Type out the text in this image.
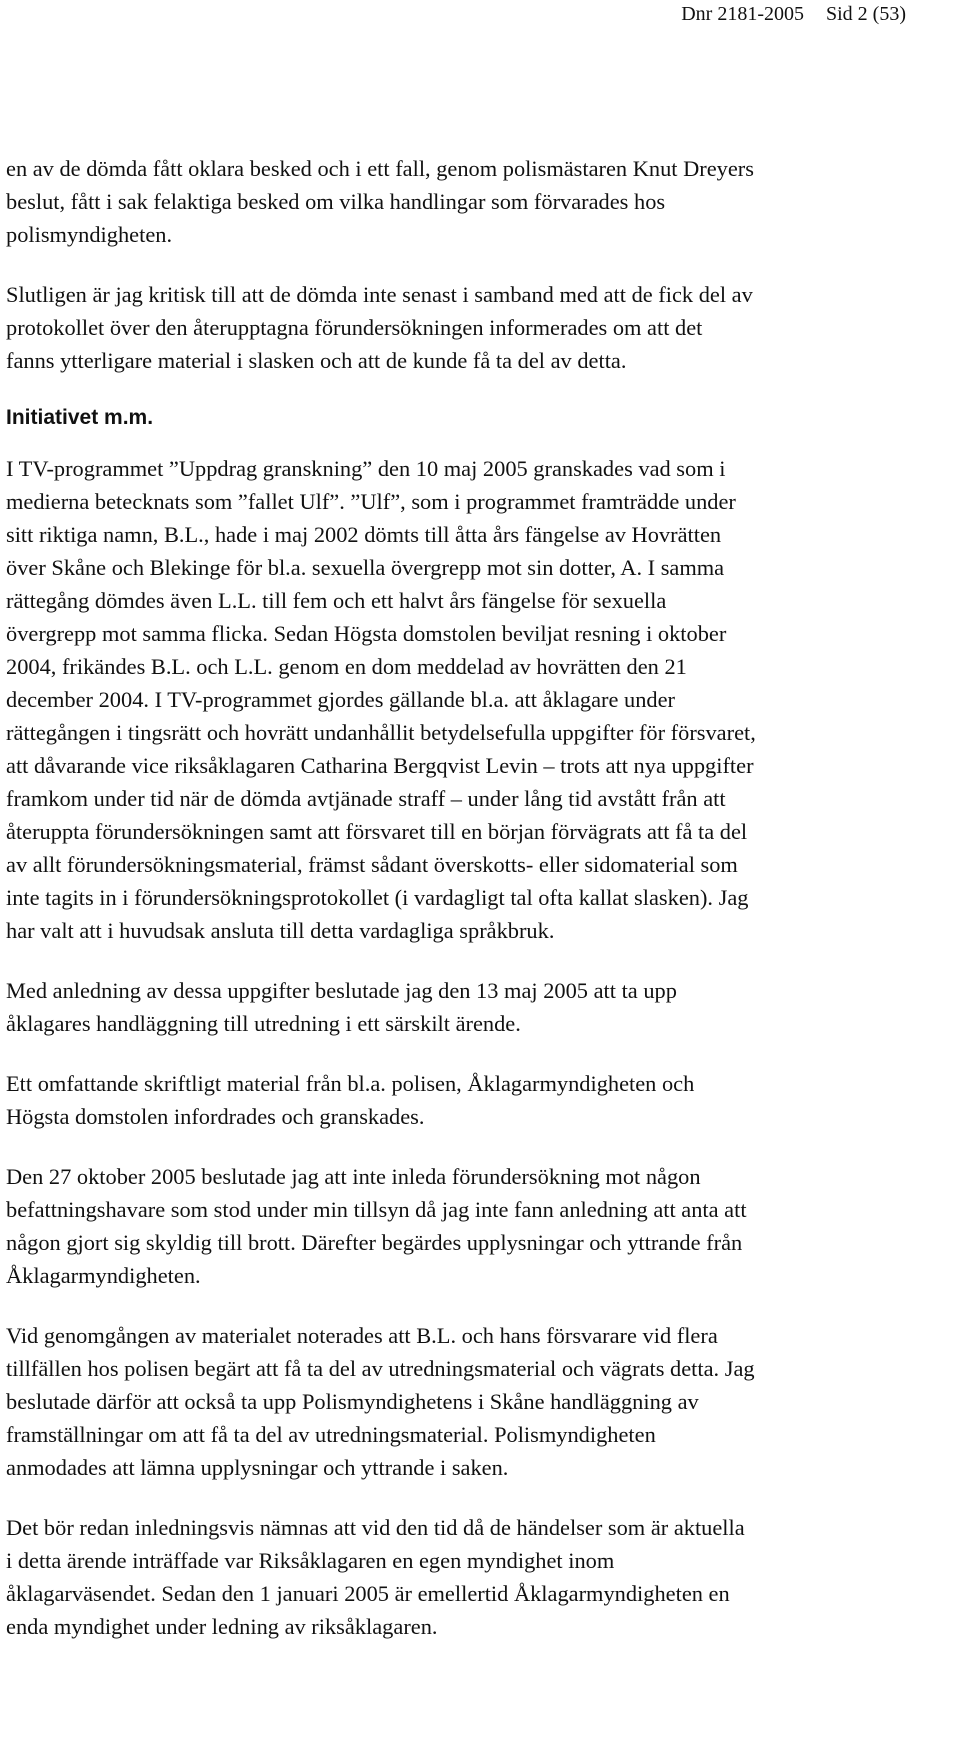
Dnr 2181-2005 Sid 2 (53)

en av de dömda fått oklara besked och i ett fall, genom polismästaren Knut Dreyers
beslut, fått i sak felaktiga besked om vilka handlingar som förvarades hos
polismyndigheten.

Slutligen är jag kritisk till att de dömda inte senast i samband med att de fick del av
protokollet över den återupptagna förundersökningen informerades om att det
fanns ytterligare material i slasken och att de kunde få ta del av detta.

Initiativet m.m.

I TV-programmet ”Uppdrag granskning” den 10 maj 2005 granskades vad som i
medierna betecknats som ”fallet Ulf”. ”Ulf”, som i programmet framträdde under
sitt riktiga namn, B.L., hade i maj 2002 dömts till åtta års fängelse av Hovrätten
över Skåne och Blekinge för bl.a. sexuella övergrepp mot sin dotter, A. I samma
rättegång dömdes även L.L. till fem och ett halvt års fängelse för sexuella
övergrepp mot samma flicka. Sedan Högsta domstolen beviljat resning i oktober
2004, frikändes B.L. och L.L. genom en dom meddelad av hovrätten den 21
december 2004. I TV-programmet gjordes gällande bl.a. att åklagare under
rättegången i tingsrätt och hovrätt undanhållit betydelsefulla uppgifter för försvaret,
att dåvarande vice riksåklagaren Catharina Bergqvist Levin – trots att nya uppgifter
framkom under tid när de dömda avtjänade straff – under lång tid avstått från att
återuppta förundersökningen samt att försvaret till en början förvägrats att få ta del
av allt förundersökningsmaterial, främst sådant överskotts- eller sidomaterial som
inte tagits in i förundersökningsprotokollet (i vardagligt tal ofta kallat slasken). Jag
har valt att i huvudsak ansluta till detta vardagliga språkbruk.

Med anledning av dessa uppgifter beslutade jag den 13 maj 2005 att ta upp
åklagares handläggning till utredning i ett särskilt ärende.

Ett omfattande skriftligt material från bl.a. polisen, Åklagarmyndigheten och
Högsta domstolen infordrades och granskades.

Den 27 oktober 2005 beslutade jag att inte inleda förundersökning mot någon
befattningshavare som stod under min tillsyn då jag inte fann anledning att anta att
någon gjort sig skyldig till brott. Därefter begärdes upplysningar och yttrande från
Åklagarmyndigheten.

Vid genomgången av materialet noterades att B.L. och hans försvarare vid flera
tillfällen hos polisen begärt att få ta del av utredningsmaterial och vägrats detta. Jag
beslutade därför att också ta upp Polismyndighetens i Skåne handläggning av
framställningar om att få ta del av utredningsmaterial. Polismyndigheten
anmodades att lämna upplysningar och yttrande i saken.

Det bör redan inledningsvis nämnas att vid den tid då de händelser som är aktuella
i detta ärende inträffade var Riksåklagaren en egen myndighet inom
åklagarväsendet. Sedan den 1 januari 2005 är emellertid Åklagarmyndigheten en
enda myndighet under ledning av riksåklagaren.
